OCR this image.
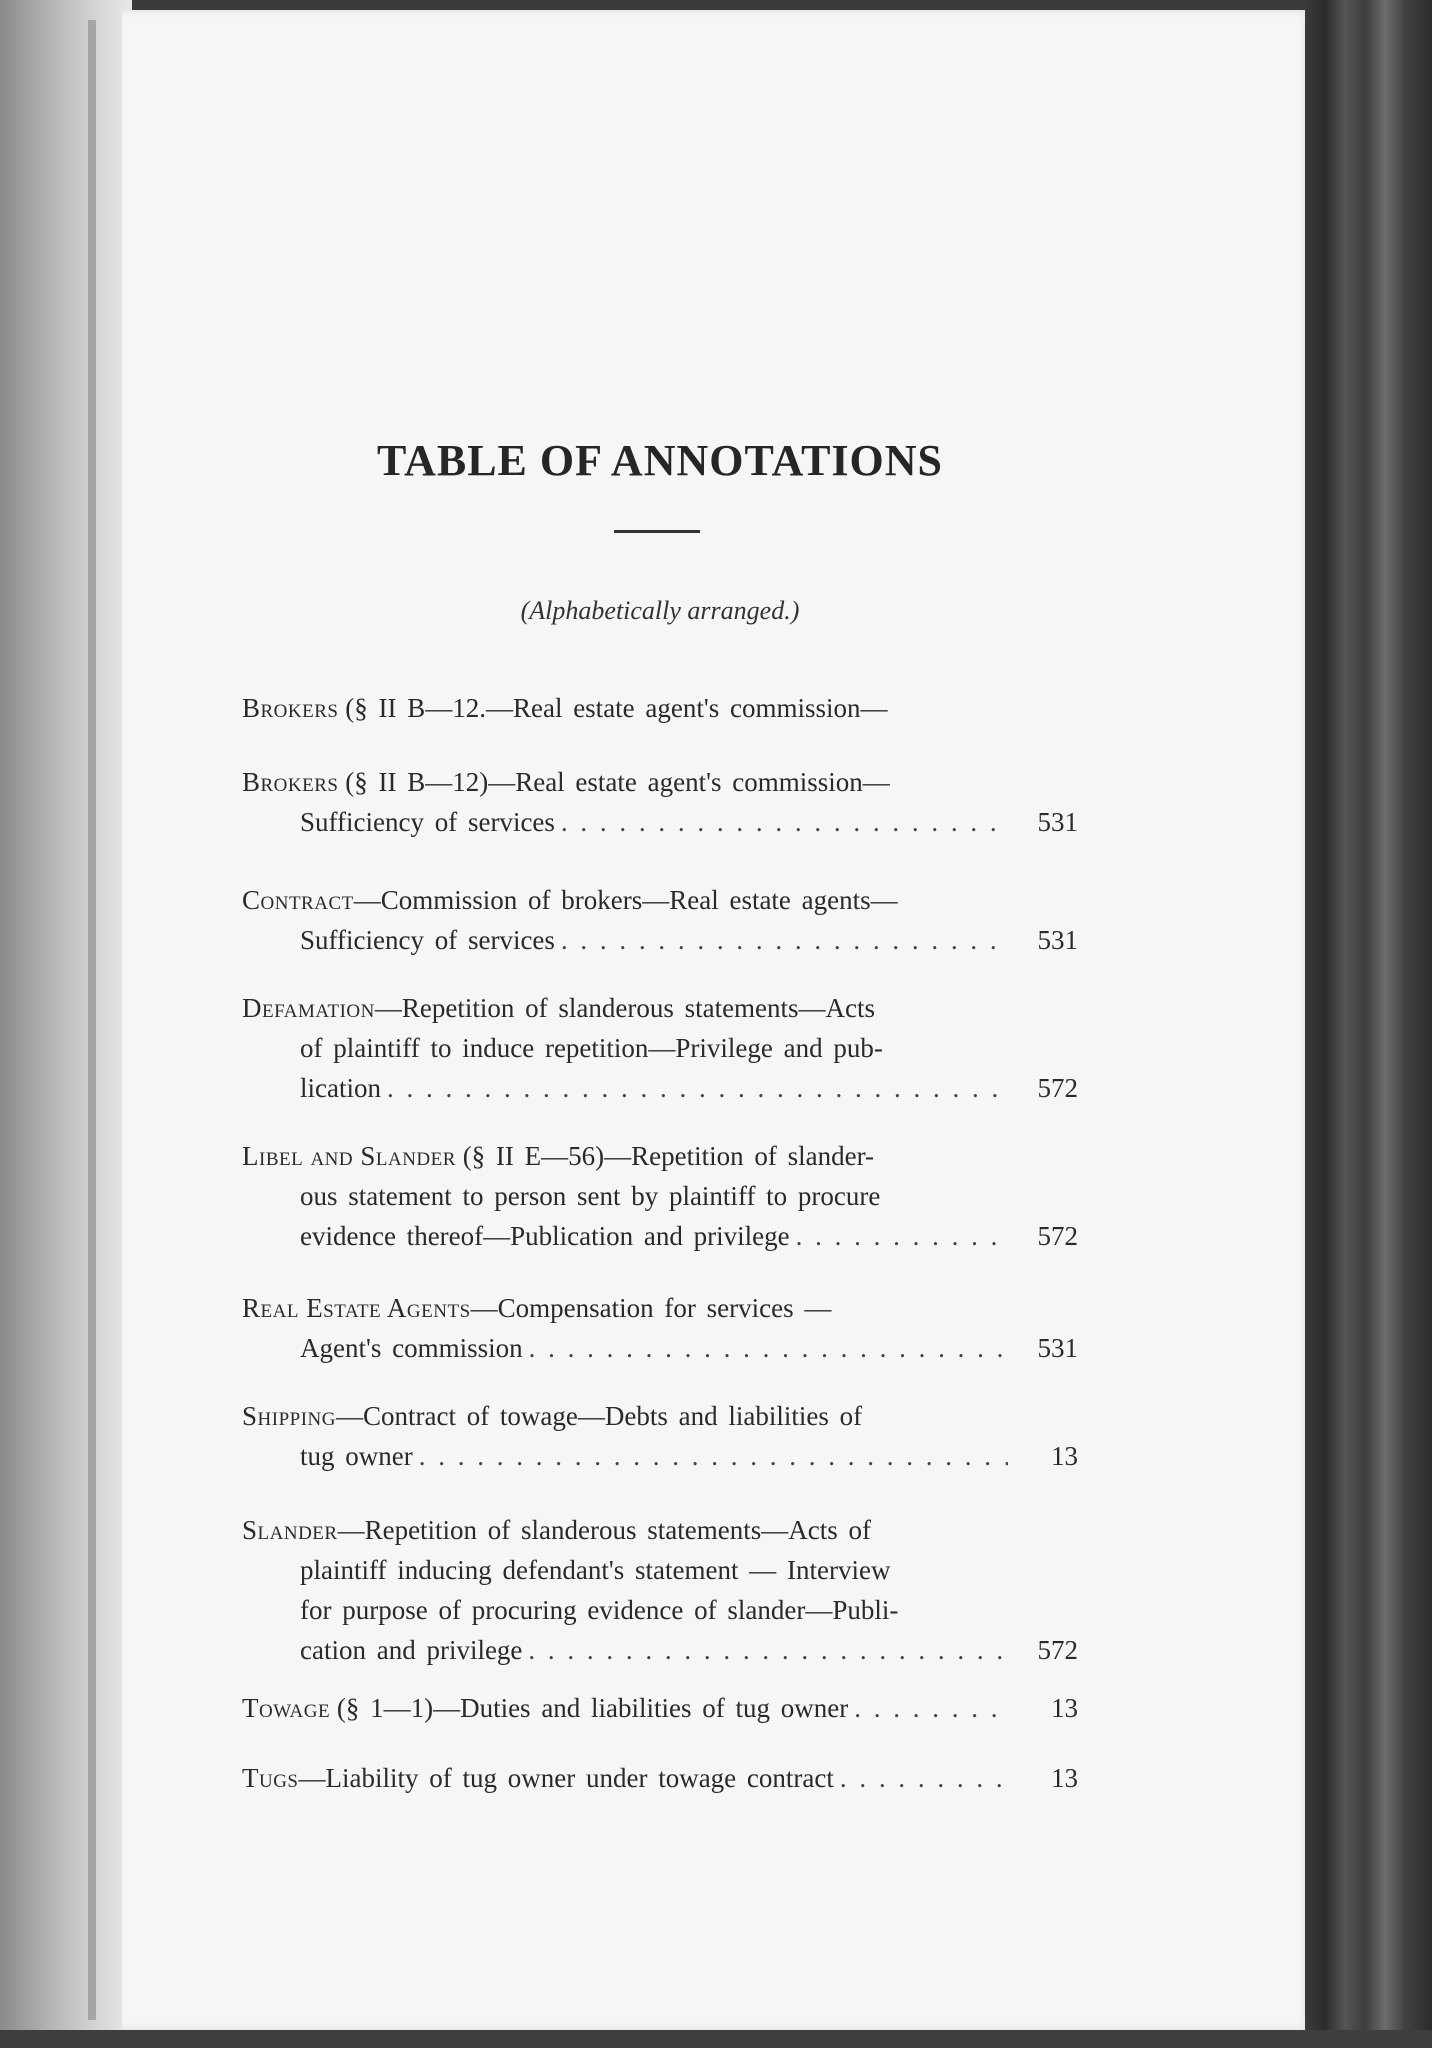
TABLE OF ANNOTATIONS
(Alphabetically arranged.)
Brokers
(§ II B—12.—Real estate agent's commission—
Brokers
(§ II B—12)—Real estate agent's commission—
Sufficiency of services . . .	531
Contract —Commission of brokers—Real estate agents—
Sufficiency of services . . .	531
Defamation —Repetition of slanderous statements—Acts
of plaintiff to induce repetition—Privilege and pub-
lication . . .	572
Libel and Slander
(§ II E—56)—Repetition of slander-
ous statement to person sent by plaintiff to procure
evidence thereof—Publication and privilege . . .	572
Real Estate Agents —Compensation for services —
Agent's commission . . .	531
Shipping —Contract of towage—Debts and liabilities of
tug owner . . .	13
Slander —Repetition of slanderous statements—Acts of
plaintiff inducing defendant's statement — Interview
for purpose of procuring evidence of slander—Publi-
cation and privilege . . .	572
Towage
(§ 1—1)—Duties and liabilities of tug owner . . .	13
Tugs —Liability of tug owner under towage contract . . .	13
